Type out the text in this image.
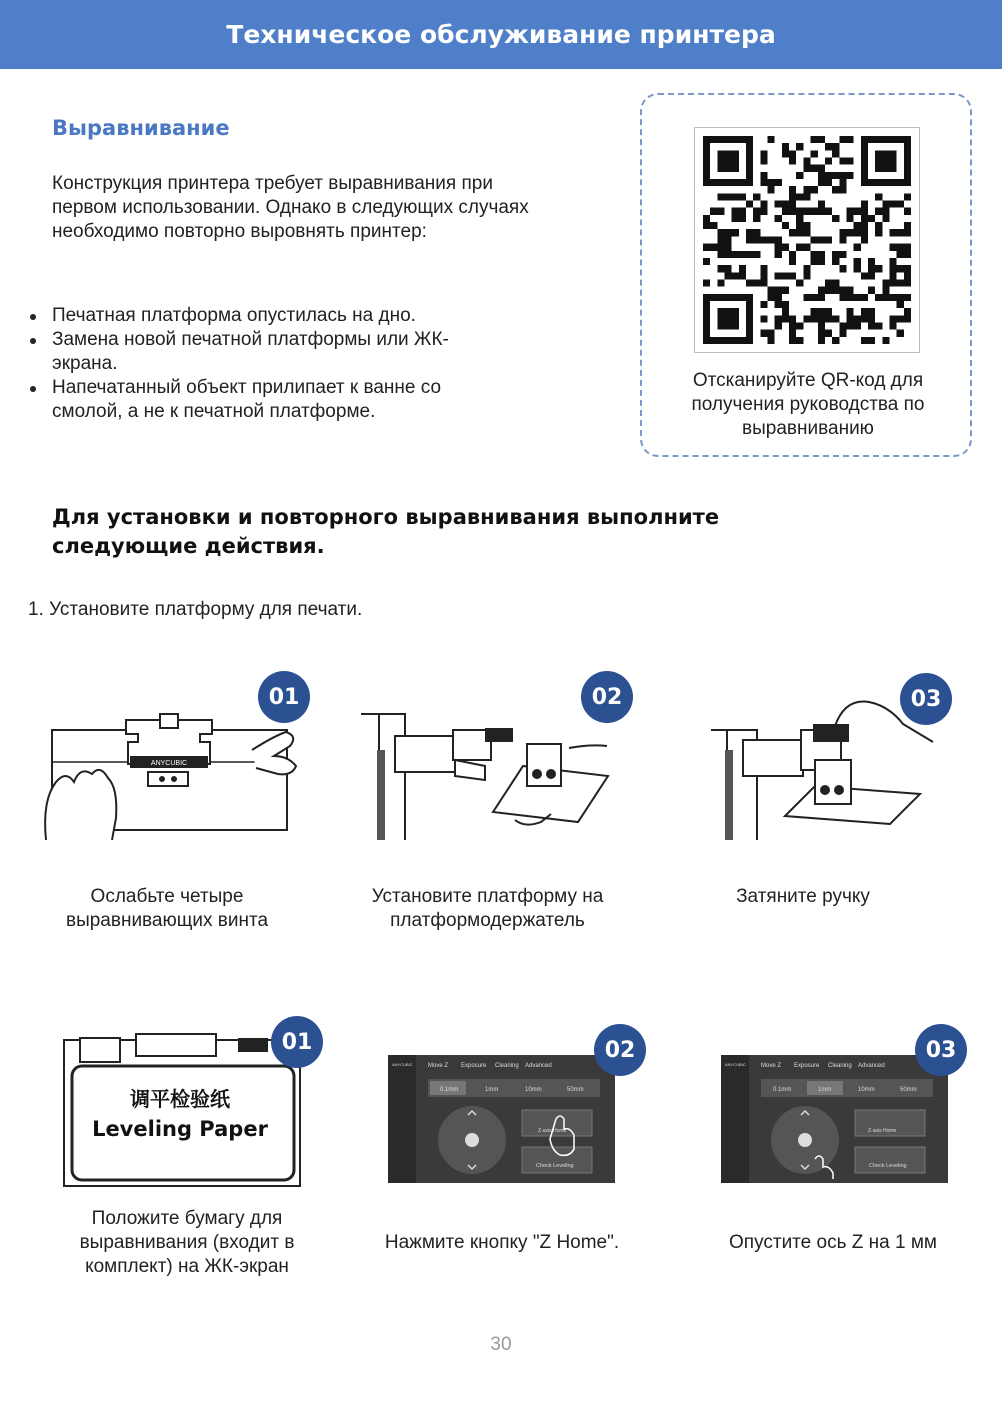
Техническое обслуживание принтера
Выравнивание
Конструкция принтера требует выравнивания при первом использовании. Однако в следующих случаях необходимо повторно выровнять принтер:
Печатная платформа опустилась на дно.
Замена новой печатной платформы или ЖК-экрана.
Напечатанный объект прилипает к ванне со смолой, а не к печатной платформе.
Отсканируйте QR-код для получения руководства по выравниванию
Для установки и повторного выравнивания выполните следующие действия.
1. Установите платформу для печати.
ANYCUBIC
01
Ослабьте четыре выравнивающих винта
02
Установите платформу на платформодержатель
03
Затяните ручку
调平检验纸
Leveling Paper
01
Положите бумагу для выравнивания (входит в комплект) на ЖК-экран
ANYCUBIC	Move Z Exposure Cleaning Advanced
0.1mm	1mm	10mm	50mm
Z-axis Home
Check Leveling
02
Нажмите кнопку "Z Home".
ANYCUBIC	Move Z Exposure Cleaning Advanced
0.1mm	1mm	10mm	50mm
Z-axis Home
Check Leveling
03
Опустите ось Z на 1 мм
30
